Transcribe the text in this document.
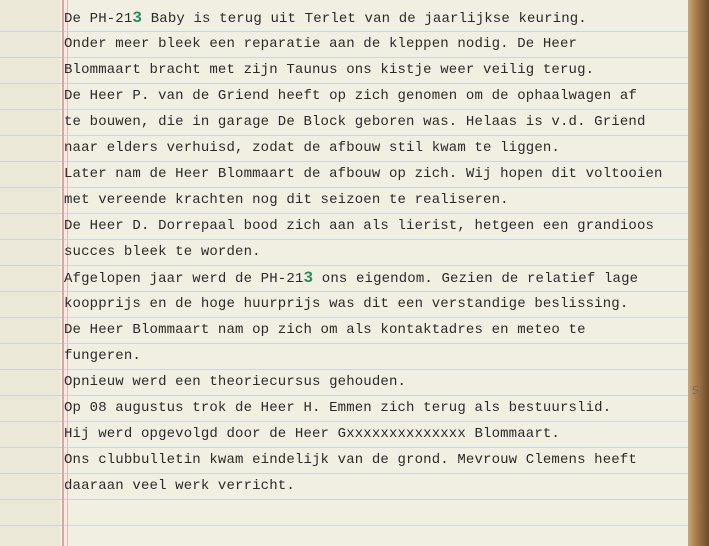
De PH-213 Baby is terug uit Terlet van de jaarlijkse keuring.
Onder meer bleek een reparatie aan de kleppen nodig. De Heer
Blommaart bracht met zijn Taunus ons kistje weer veilig terug.
De Heer P. van de Griend heeft op zich genomen om de ophaalwagen af
te bouwen, die in garage De Block geboren was. Helaas is v.d. Griend
naar elders verhuisd, zodat de afbouw stil kwam te liggen.
Later nam de Heer Blommaart de afbouw op zich. Wij hopen dit voltooien
met vereende krachten nog dit seizoen te realiseren.
De Heer D. Dorrepaal bood zich aan als lierist, hetgeen een grandioos
succes bleek te worden.
Afgelopen jaar werd de PH-213 ons eigendom. Gezien de relatief lage
koopprijs en de hoge huurprijs was dit een verstandige beslissing.
De Heer Blommaart nam op zich om als kontaktadres en meteo te
fungeren.
Opnieuw werd een theoriecursus gehouden.
Op 08 augustus trok de Heer H. Emmen zich terug als bestuurslid.
Hij werd opgevolgd door de Heer Gxxxxxxxxxxxxxx Blommaart.
Ons clubbulletin kwam eindelijk van de grond. Mevrouw Clemens heeft
daaraan veel werk verricht.
S
